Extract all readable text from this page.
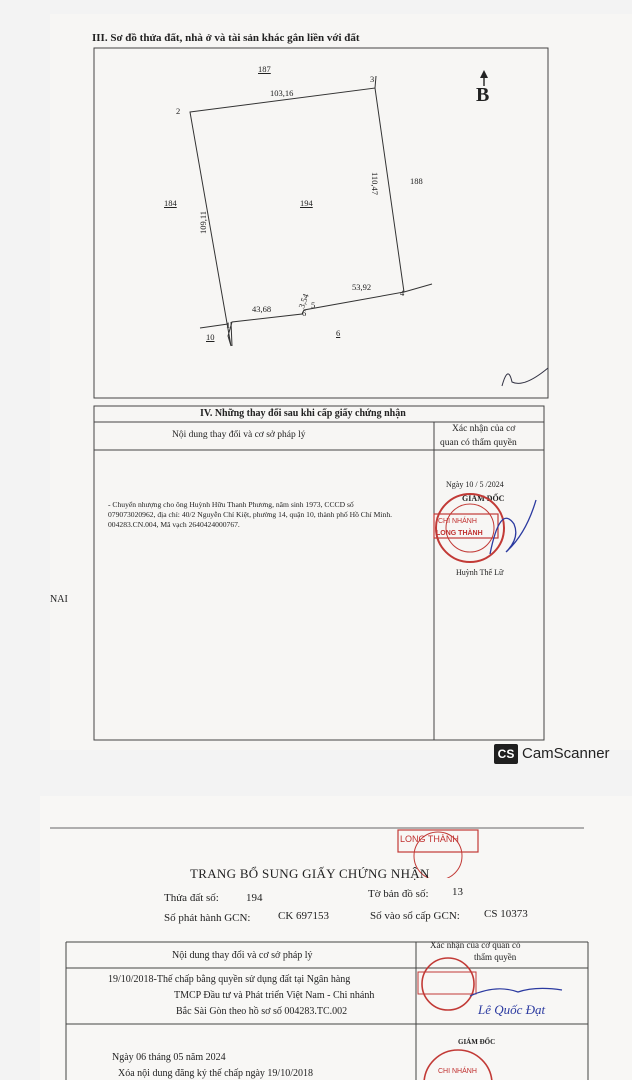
III. Sơ đồ thửa đất, nhà ở và tài sản khác gắn liền với đất
187
103,16
3
2
188
110,47
184
109,11
194
53,92
4
3,54 5
6
43,68
1
10	6
B
IV. Những thay đổi sau khi cấp giấy chứng nhận
Nội dung thay đổi và cơ sở pháp lý
Xác nhận của cơ
quan có thẩm quyền
- Chuyển nhượng cho ông Huỳnh Hữu Thanh Phương, năm sinh 1973, CCCD số 079073020962, địa chỉ: 40/2 Nguyễn Chí Kiệt, phường 14, quận 10, thành phố Hồ Chí Minh. 004283.CN.004, Mã vạch 2640424000767.
Ngày 10 / 5 /2024
GIÁM ĐỐC
CHI NHÁNH
LONG THÀNH
Huỳnh Thế Lữ
NAI
CS CamScanner
LONG THÀNH
TRANG BỔ SUNG GIẤY CHỨNG NHẬN
Thửa đất số: 194	Tờ bản đồ số: 13
Số phát hành GCN:	CK 697153	Số vào sổ cấp GCN: CS 10373
Nội dung thay đổi và cơ sở pháp lý
Xác nhận của cơ quan có
thẩm quyền
19/10/2018-Thế chấp bằng quyền sử dụng đất tại Ngân hàng
TMCP Đầu tư và Phát triển Việt Nam - Chi nhánh
Bắc Sài Gòn theo hồ sơ số 004283.TC.002	Lê Quốc Đạt
Ngày 06 tháng 05 năm 2024
Xóa nội dung đăng ký thế chấp ngày 19/10/2018
GIÁM ĐỐC
CHI NHÁNH
